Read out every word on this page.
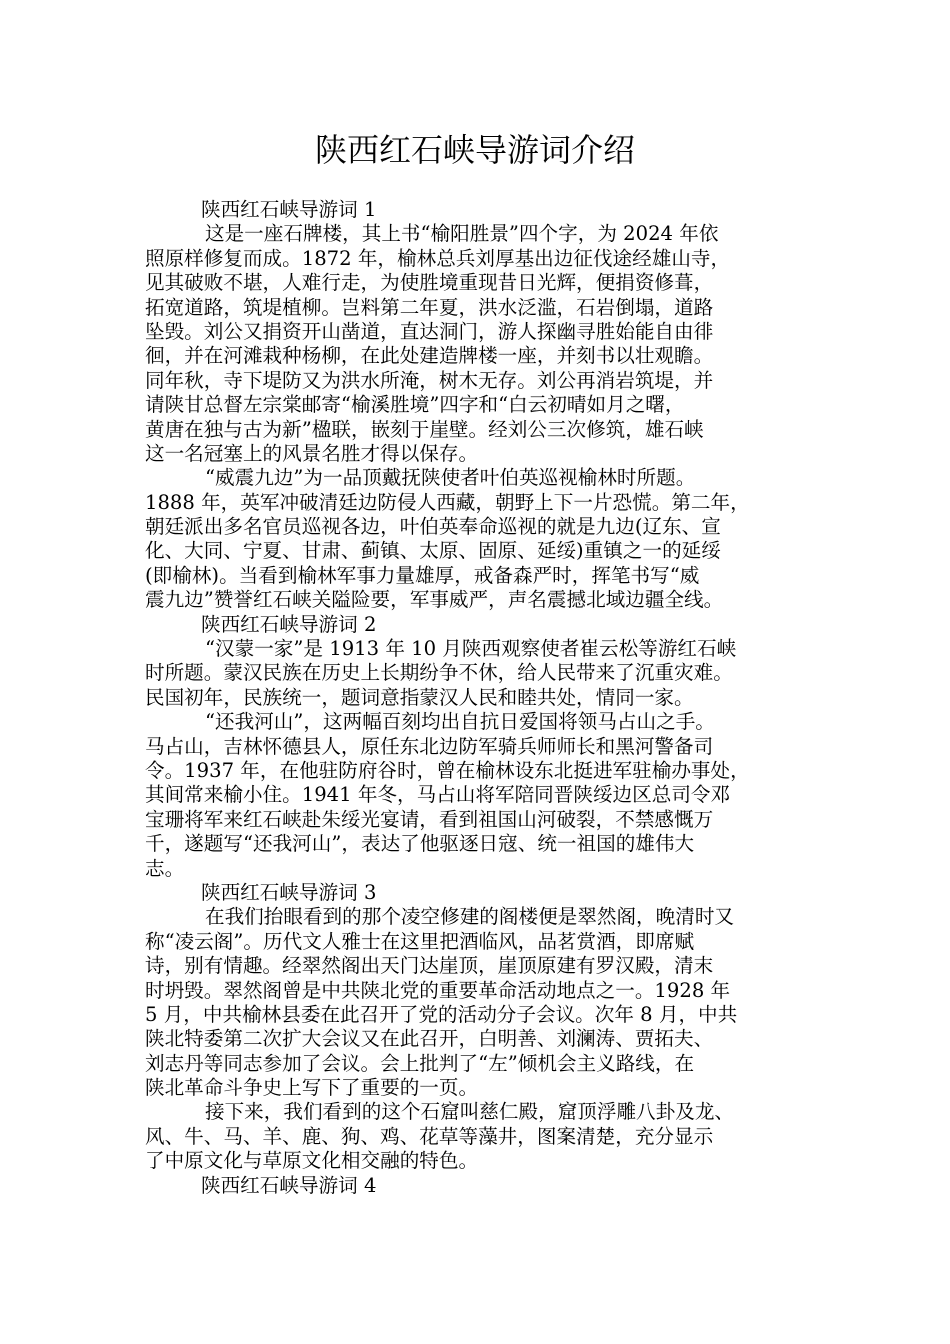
陕西红石峡导游词介绍
陕西红石峡导游词 1
这是一座石牌楼，其上书“榆阳胜景”四个字，为 2024 年依
照原样修复而成。1872 年，榆林总兵刘厚基出边征伐途经雄山寺，
见其破败不堪，人难行走，为使胜境重现昔日光辉，便捐资修葺，
拓宽道路，筑堤植柳。岂料第二年夏，洪水泛滥，石岩倒塌，道路
坠毁。刘公又捐资开山凿道，直达洞门，游人探幽寻胜始能自由徘
徊，并在河滩栽种杨柳，在此处建造牌楼一座，并刻书以壮观瞻。
同年秋，寺下堤防又为洪水所淹，树木无存。刘公再消岩筑堤，并
请陕甘总督左宗棠邮寄“榆溪胜境”四字和“白云初晴如月之曙，
黄唐在独与古为新”楹联，嵌刻于崖壁。经刘公三次修筑，雄石峡
这一名冠塞上的风景名胜才得以保存。
“威震九边”为一品顶戴抚陕使者叶伯英巡视榆林时所题。
1888 年，英军冲破清廷边防侵人西藏，朝野上下一片恐慌。第二年，
朝廷派出多名官员巡视各边，叶伯英奉命巡视的就是九边(辽东、宣
化、大同、宁夏、甘肃、蓟镇、太原、固原、延绥)重镇之一的延绥
(即榆林)。当看到榆林军事力量雄厚，戒备森严时，挥笔书写“威
震九边”赞誉红石峡关隘险要，军事威严，声名震撼北域边疆全线。
陕西红石峡导游词 2
“汉蒙一家”是 1913 年 10 月陕西观察使者崔云松等游红石峡
时所题。蒙汉民族在历史上长期纷争不休，给人民带来了沉重灾难。
民国初年，民族统一，题词意指蒙汉人民和睦共处，情同一家。
“还我河山”，这两幅百刻均出自抗日爱国将领马占山之手。
马占山，吉林怀德县人，原任东北边防军骑兵师师长和黑河警备司
令。1937 年，在他驻防府谷时，曾在榆林设东北挺进军驻榆办事处，
其间常来榆小住。1941 年冬，马占山将军陪同晋陕绥边区总司令邓
宝珊将军来红石峡赴朱绥光宴请，看到祖国山河破裂，不禁感慨万
千，遂题写“还我河山”，表达了他驱逐日寇、统一祖国的雄伟大
志。
陕西红石峡导游词 3
在我们抬眼看到的那个凌空修建的阁楼便是翠然阁，晚清时又
称“凌云阁”。历代文人雅士在这里把酒临风，品茗赏酒，即席赋
诗，别有情趣。经翠然阁出天门达崖顶，崖顶原建有罗汉殿，清末
时坍毁。翠然阁曾是中共陕北党的重要革命活动地点之一。1928 年
5 月，中共榆林县委在此召开了党的活动分子会议。次年 8 月，中共
陕北特委第二次扩大会议又在此召开，白明善、刘澜涛、贾拓夫、
刘志丹等同志参加了会议。会上批判了“左”倾机会主义路线，在
陕北革命斗争史上写下了重要的一页。
接下来，我们看到的这个石窟叫慈仁殿，窟顶浮雕八卦及龙、
风、牛、马、羊、鹿、狗、鸡、花草等藻井，图案清楚，充分显示
了中原文化与草原文化相交融的特色。
陕西红石峡导游词 4
